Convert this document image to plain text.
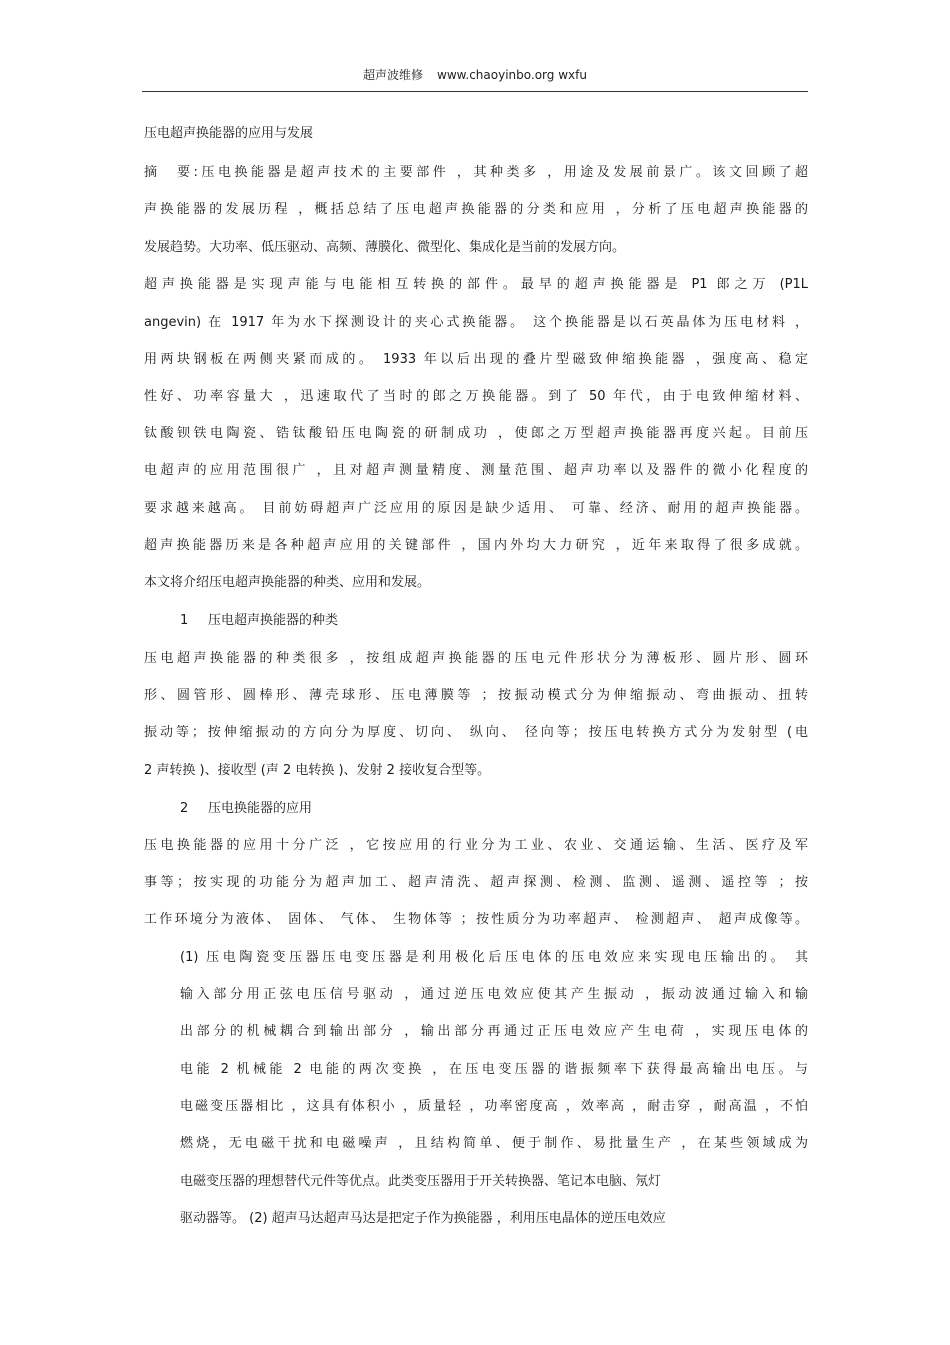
超声波维修 www.chaoyinbo.org wxfu
压电超声换能器的应用与发展
摘　要:压电换能器是超声技术的主要部件 ，其种类多 ，用途及发展前景广。该文回顾了超
声换能器的发展历程 ，概括总结了压电超声换能器的分类和应用 ，分析了压电超声换能器的
发展趋势。大功率、低压驱动、高频、薄膜化、微型化、集成化是当前的发展方向。
超声换能器是实现声能与电能相互转换的部件。最早的超声换能器是 P1 郎之万 (P1L
angevin) 在 1917 年为水下探测设计的夹心式换能器。 这个换能器是以石英晶体为压电材料 ，
用两块钢板在两侧夹紧而成的。 1933 年以后出现的叠片型磁致伸缩换能器 ，强度高、稳定
性好、功率容量大 ，迅速取代了当时的郎之万换能器。到了 50 年代，由于电致伸缩材料、
钛酸钡铁电陶瓷、锆钛酸铅压电陶瓷的研制成功 ，使郎之万型超声换能器再度兴起。目前压
电超声的应用范围很广 ，且对超声测量精度、测量范围、超声功率以及器件的微小化程度的
要求越来越高。 目前妨碍超声广泛应用的原因是缺少适用、 可靠、经济、耐用的超声换能器。
超声换能器历来是各种超声应用的关键部件 ，国内外均大力研究 ，近年来取得了很多成就。
本文将介绍压电超声换能器的种类、应用和发展。
1 压电超声换能器的种类
压电超声换能器的种类很多 ，按组成超声换能器的压电元件形状分为薄板形、圆片形、圆环
形、圆管形、圆棒形、薄壳球形、压电薄膜等 ；按振动模式分为伸缩振动、弯曲振动、扭转
振动等；按伸缩振动的方向分为厚度、切向、 纵向、 径向等；按压电转换方式分为发射型 (电
2 声转换 )、接收型 (声 2 电转换 )、发射 2 接收复合型等。
2 压电换能器的应用
压电换能器的应用十分广泛 ，它按应用的行业分为工业、农业、交通运输、生活、医疗及军
事等；按实现的功能分为超声加工、超声清洗、超声探测、检测、监测、遥测、遥控等 ；按
工作环境分为液体、 固体、 气体、 生物体等 ；按性质分为功率超声、 检测超声、 超声成像等。
(1) 压电陶瓷变压器压电变压器是利用极化后压电体的压电效应来实现电压输出的。 其
输入部分用正弦电压信号驱动 ，通过逆压电效应使其产生振动 ，振动波通过输入和输
出部分的机械耦合到输出部分 ，输出部分再通过正压电效应产生电荷 ，实现压电体的
电能 2 机械能 2 电能的两次变换 ，在压电变压器的谐振频率下获得最高输出电压。与
电磁变压器相比 ，这具有体积小 ，质量轻 ，功率密度高 ，效率高 ，耐击穿 ，耐高温 ，不怕
燃烧，无电磁干扰和电磁噪声 ，且结构简单、便于制作、易批量生产 ，在某些领域成为
电磁变压器的理想替代元件等优点。此类变压器用于开关转换器、笔记本电脑、氖灯
驱动器等。 (2) 超声马达超声马达是把定子作为换能器 ，利用压电晶体的逆压电效应
